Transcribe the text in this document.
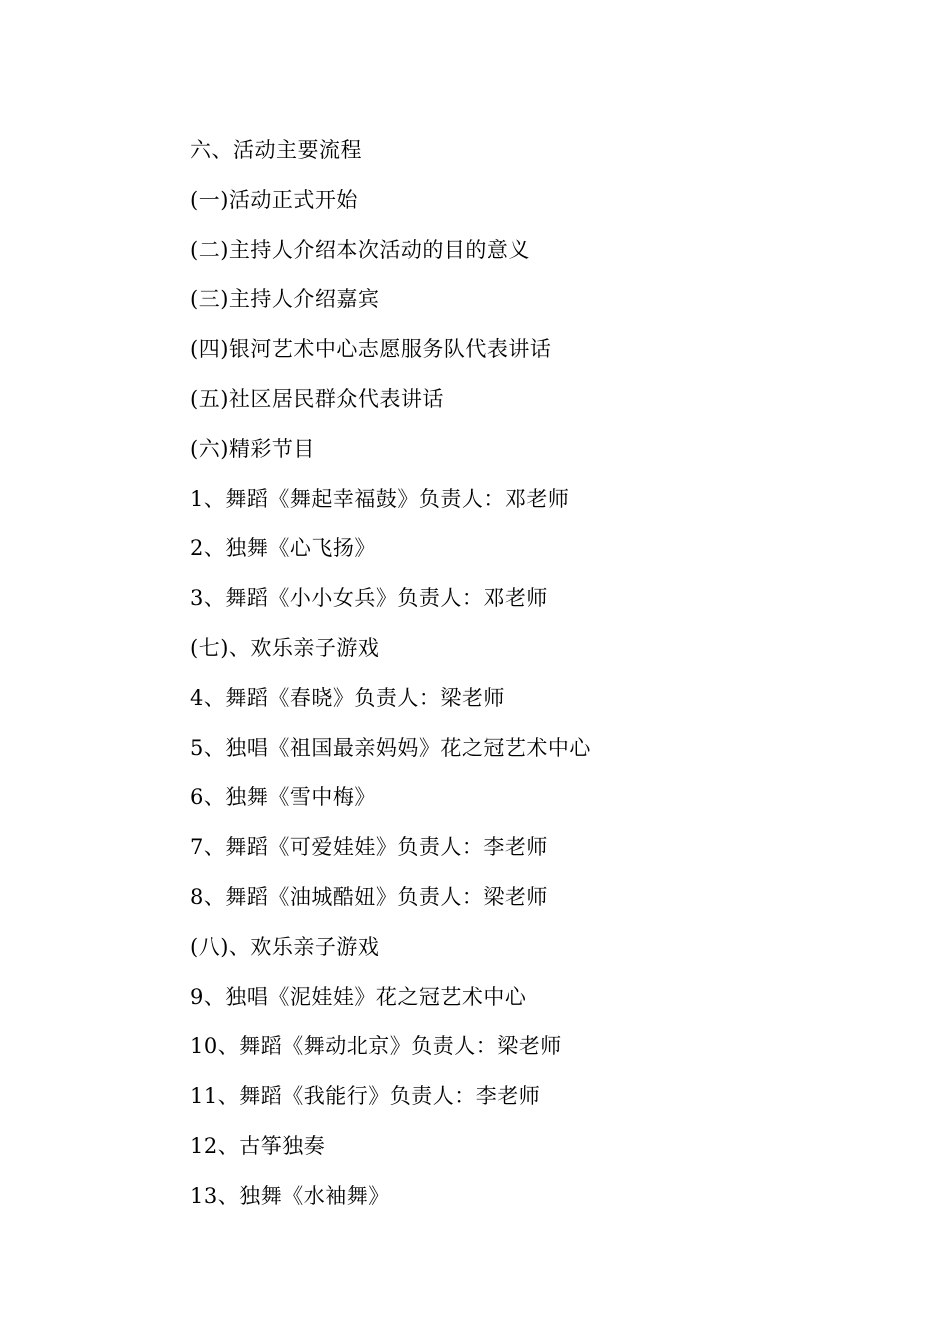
六、活动主要流程
(一)活动正式开始
(二)主持人介绍本次活动的目的意义
(三)主持人介绍嘉宾
(四)银河艺术中心志愿服务队代表讲话
(五)社区居民群众代表讲话
(六)精彩节目
1、舞蹈《舞起幸福鼓》负责人：邓老师
2、独舞《心飞扬》
3、舞蹈《小小女兵》负责人：邓老师
(七)、欢乐亲子游戏
4、舞蹈《春晓》负责人：梁老师
5、独唱《祖国最亲妈妈》花之冠艺术中心
6、独舞《雪中梅》
7、舞蹈《可爱娃娃》负责人：李老师
8、舞蹈《油城酷妞》负责人：梁老师
(八)、欢乐亲子游戏
9、独唱《泥娃娃》花之冠艺术中心
10、舞蹈《舞动北京》负责人：梁老师
11、舞蹈《我能行》负责人：李老师
12、古筝独奏
13、独舞《水袖舞》
